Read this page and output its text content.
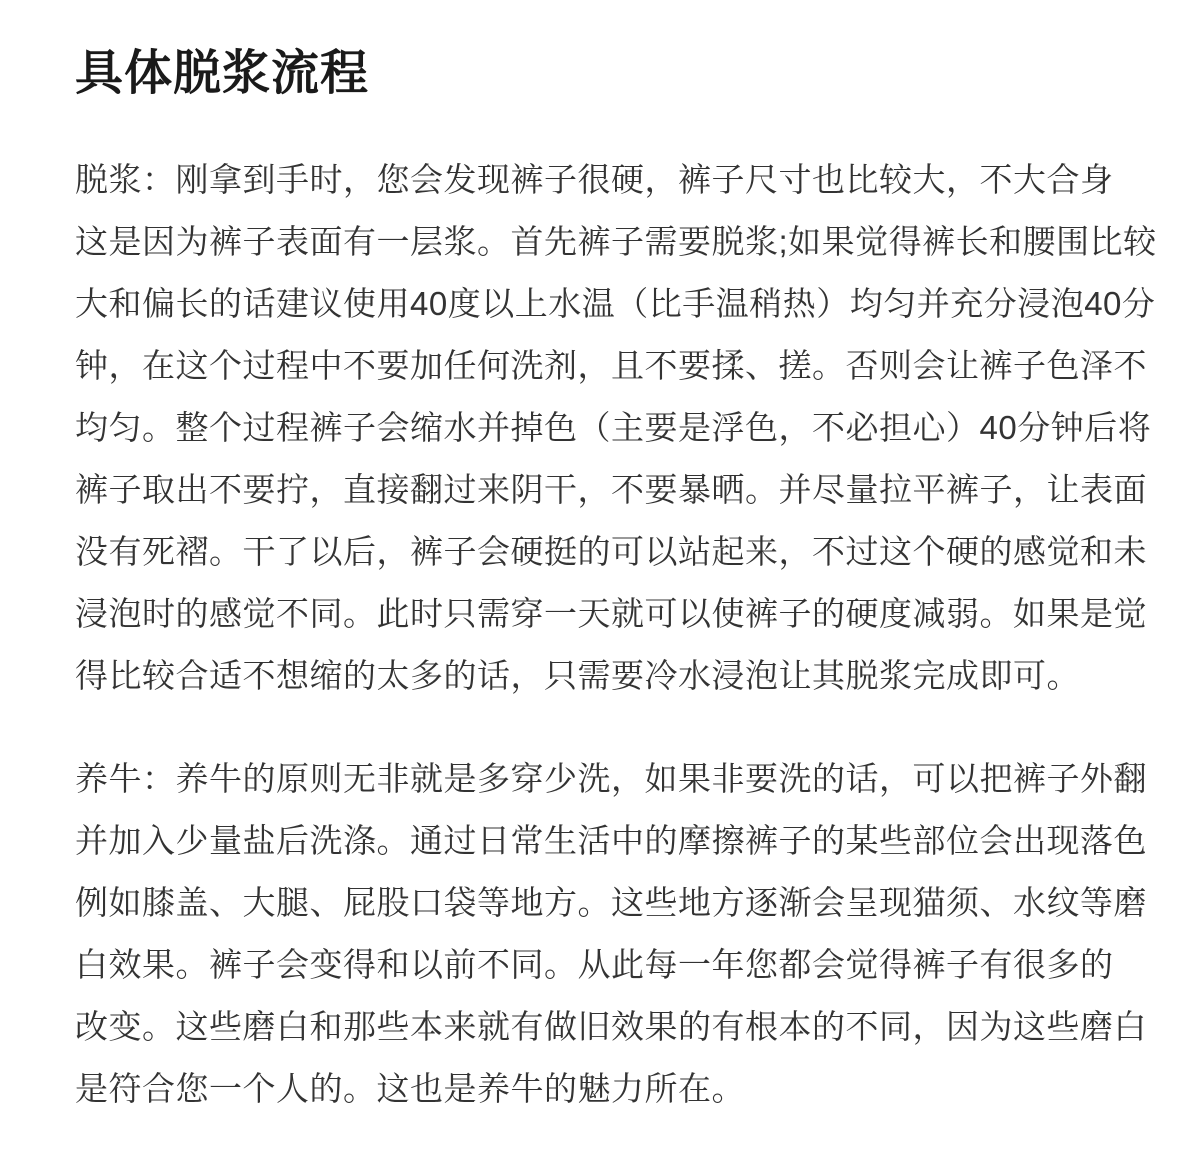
具体脱浆流程
脱浆：刚拿到手时，您会发现裤子很硬，裤子尺寸也比较大，不大合身
这是因为裤子表面有一层浆。首先裤子需要脱浆;如果觉得裤长和腰围比较
大和偏长的话建议使用40度以上水温（比手温稍热）均匀并充分浸泡40分
钟，在这个过程中不要加任何洗剂，且不要揉、搓。否则会让裤子色泽不
均匀。整个过程裤子会缩水并掉色（主要是浮色，不必担心）40分钟后将
裤子取出不要拧，直接翻过来阴干，不要暴晒。并尽量拉平裤子，让表面
没有死褶。干了以后，裤子会硬挺的可以站起来，不过这个硬的感觉和未
浸泡时的感觉不同。此时只需穿一天就可以使裤子的硬度减弱。如果是觉
得比较合适不想缩的太多的话，只需要冷水浸泡让其脱浆完成即可。
养牛：养牛的原则无非就是多穿少洗，如果非要洗的话，可以把裤子外翻
并加入少量盐后洗涤。通过日常生活中的摩擦裤子的某些部位会出现落色
例如膝盖、大腿、屁股口袋等地方。这些地方逐渐会呈现猫须、水纹等磨
白效果。裤子会变得和以前不同。从此每一年您都会觉得裤子有很多的
改变。这些磨白和那些本来就有做旧效果的有根本的不同，因为这些磨白
是符合您一个人的。这也是养牛的魅力所在。
